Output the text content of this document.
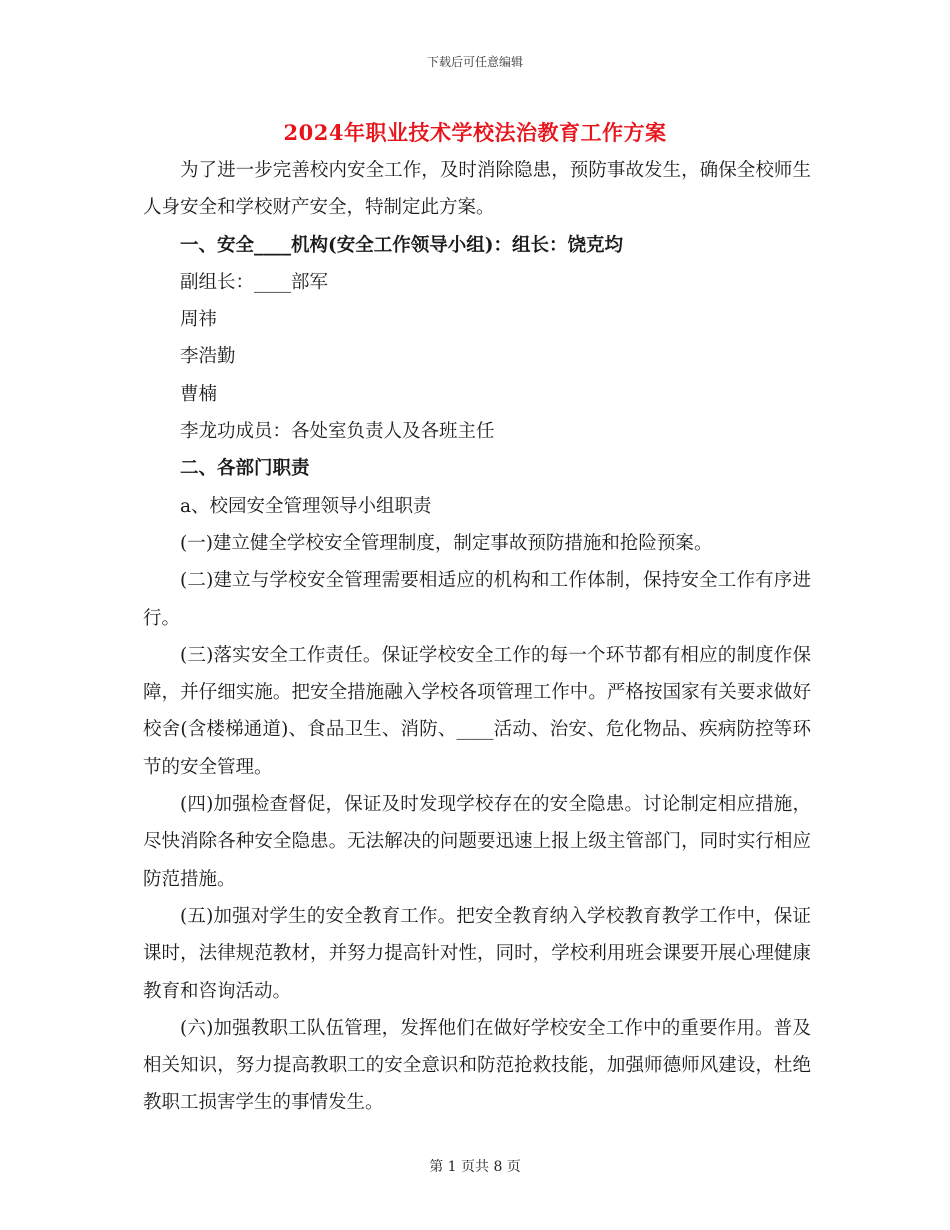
下载后可任意编辑
2024年职业技术学校法治教育工作方案

为了进一步完善校内安全工作，及时消除隐患，预防事故发生，确保全校师生人身安全和学校财产安全，特制定此方案。

一、安全____机构(安全工作领导小组)：组长：饶克均

副组长：____部军

周祎

李浩勤

曹楠

李龙功成员：各处室负责人及各班主任

二、各部门职责

a、校园安全管理领导小组职责

(一)建立健全学校安全管理制度，制定事故预防措施和抢险预案。

(二)建立与学校安全管理需要相适应的机构和工作体制，保持安全工作有序进行。

(三)落实安全工作责任。保证学校安全工作的每一个环节都有相应的制度作保障，并仔细实施。把安全措施融入学校各项管理工作中。严格按国家有关要求做好校舍(含楼梯通道)、食品卫生、消防、____活动、治安、危化物品、疾病防控等环节的安全管理。

(四)加强检查督促，保证及时发现学校存在的安全隐患。讨论制定相应措施，尽快消除各种安全隐患。无法解决的问题要迅速上报上级主管部门，同时实行相应防范措施。

(五)加强对学生的安全教育工作。把安全教育纳入学校教育教学工作中，保证课时，法律规范教材，并努力提高针对性，同时，学校利用班会课要开展心理健康教育和咨询活动。

(六)加强教职工队伍管理，发挥他们在做好学校安全工作中的重要作用。普及相关知识，努力提高教职工的安全意识和防范抢救技能，加强师德师风建设，杜绝教职工损害学生的事情发生。

第 1 页共 8 页
